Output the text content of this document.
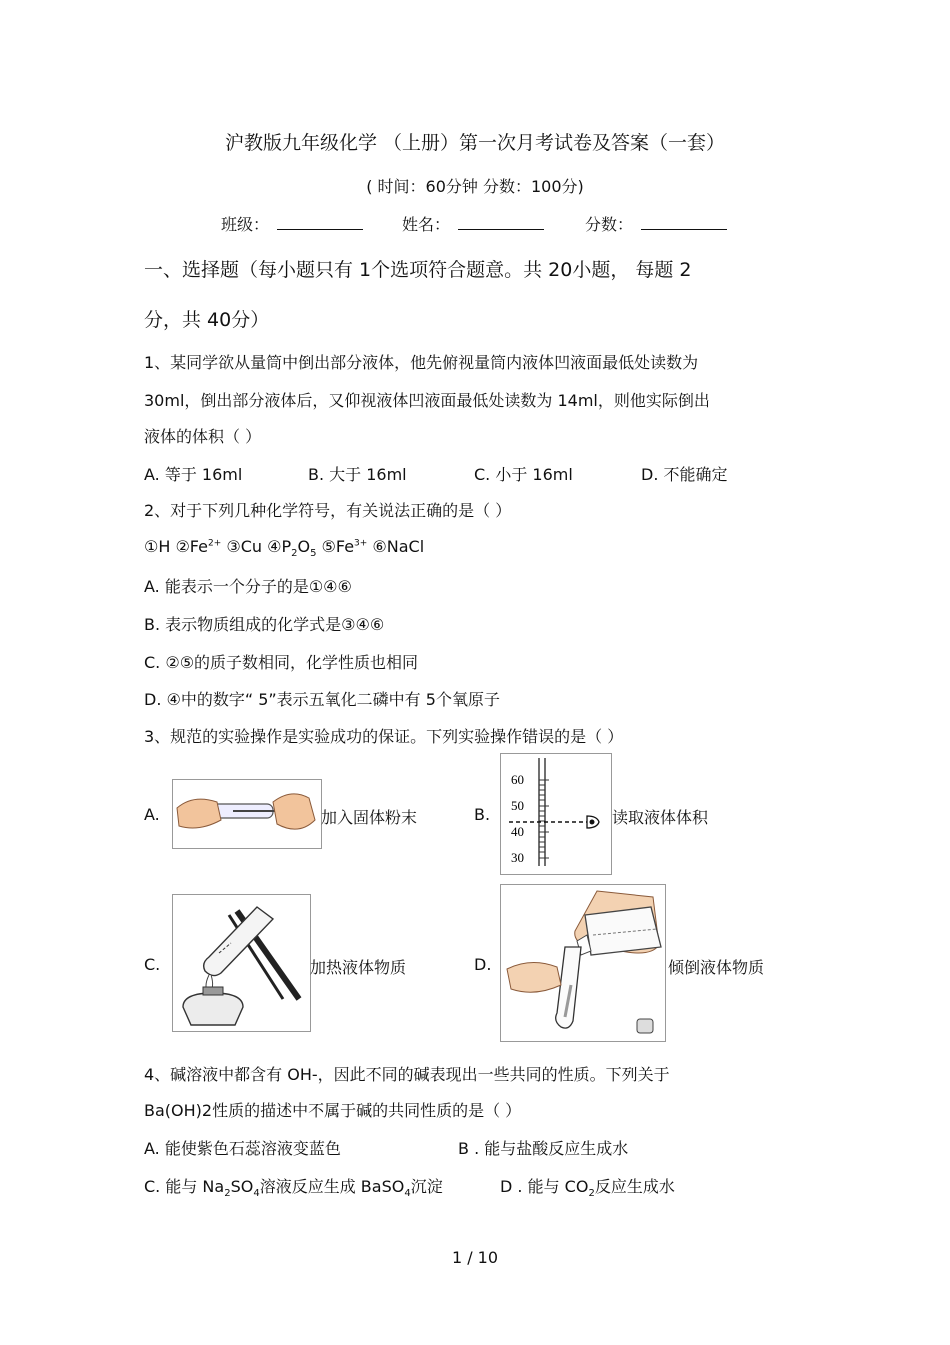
沪教版九年级化学 （上册）第一次月考试卷及答案（一套）
( 时间：60分钟 分数：100分)
班级：	姓名：	分数：
一、选择题（每小题只有 1个选项符合题意。共 20小题， 每题 2
分，共 40分）
1、某同学欲从量筒中倒出部分液体，他先俯视量筒内液体凹液面最低处读数为
30ml，倒出部分液体后，又仰视液体凹液面最低处读数为 14ml，则他实际倒出
液体的体积（ ）
A. 等于 16ml	B. 大于 16ml	C. 小于 16ml	D. 不能确定
2、对于下列几种化学符号，有关说法正确的是（ ）
①H $②Fe^{2+}$ ③Cu $④P_2O_5$ $⑤Fe^{3+}$ ⑥NaCl
A. 能表示一个分子的是①④⑥
B. 表示物质组成的化学式是③④⑥
C. ②⑤的质子数相同，化学性质也相同
D. ④中的数字“ 5”表示五氧化二磷中有 5个氧原子
3、规范的实验操作是实验成功的保证。下列实验操作错误的是（ ）
A.	加入固体粉末	B.
60
50
40
30
读取液体体积
C.	加热液体物质	D.	倾倒液体物质
4、碱溶液中都含有 OH-，因此不同的碱表现出一些共同的性质。下列关于
Ba(OH)2性质的描述中不属于碱的共同性质的是（ ）
A. 能使紫色石蕊溶液变蓝色	B . 能与盐酸反应生成水
C. 能与 $Na_2SO_4$溶液反应生成 BaSO$_4$沉淀	D . 能与 $CO_2$反应生成水
1 / 10
